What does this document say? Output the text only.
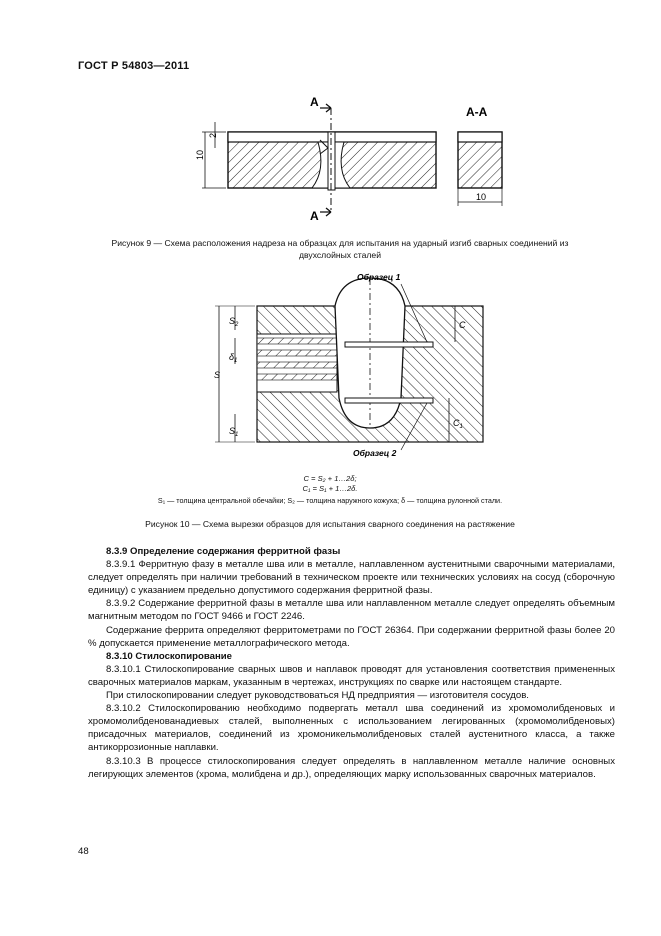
ГОСТ Р 54803—2011
А
А
10
2
А-А
10
Рисунок 9 — Схема расположения надреза на образцах для испытания на ударный изгиб сварных соединений из
двухслойных сталей
Образец 1
Образец 2
S
$S_2$
$\delta_1$
$S_1$
C
$C_1$
C = S₂ + 1…2δ;
C₁ = S₁ + 1…2δ.
S₁ — толщина центральной обечайки; S₂ — толщина наружного кожуха; δ — толщина рулонной стали.
Рисунок 10 — Схема вырезки образцов для испытания сварного соединения на растяжение
8.3.9 Определение содержания ферритной фазы

8.3.9.1 Ферритную фазу в металле шва или в металле, наплавленном аустенитными сварочными материалами, следует определять при наличии требований в техническом проекте или технических условиях на сосуд (сборочную единицу) с указанием предельно допустимого содержания ферритной фазы.

8.3.9.2 Содержание ферритной фазы в металле шва или наплавленном металле следует определять объемным магнитным методом по ГОСТ 9466 и ГОСТ 2246.

Содержание феррита определяют ферритометрами по ГОСТ 26364. При содержании ферритной фазы более 20 % допускается применение металлографического метода.

8.3.10 Стилоскопирование

8.3.10.1 Стилоскопирование сварных швов и наплавок проводят для установления соответствия примененных сварочных материалов маркам, указанным в чертежах, инструкциях по сварке или настоящем стандарте.

При стилоскопировании следует руководствоваться НД предприятия — изготовителя сосудов.

8.3.10.2 Стилоскопированию необходимо подвергать металл шва соединений из хромомолибденовых и хромомолибденованадиевых сталей, выполненных с использованием легированных (хромомолибденовых) присадочных материалов, соединений из хромоникельмолибденовых сталей аустенитного класса, а также антикоррозионные наплавки.

8.3.10.3 В процессе стилоскопирования следует определять в наплавленном металле наличие основных легирующих элементов (хрома, молибдена и др.), определяющих марку использованных сварочных материалов.

48
